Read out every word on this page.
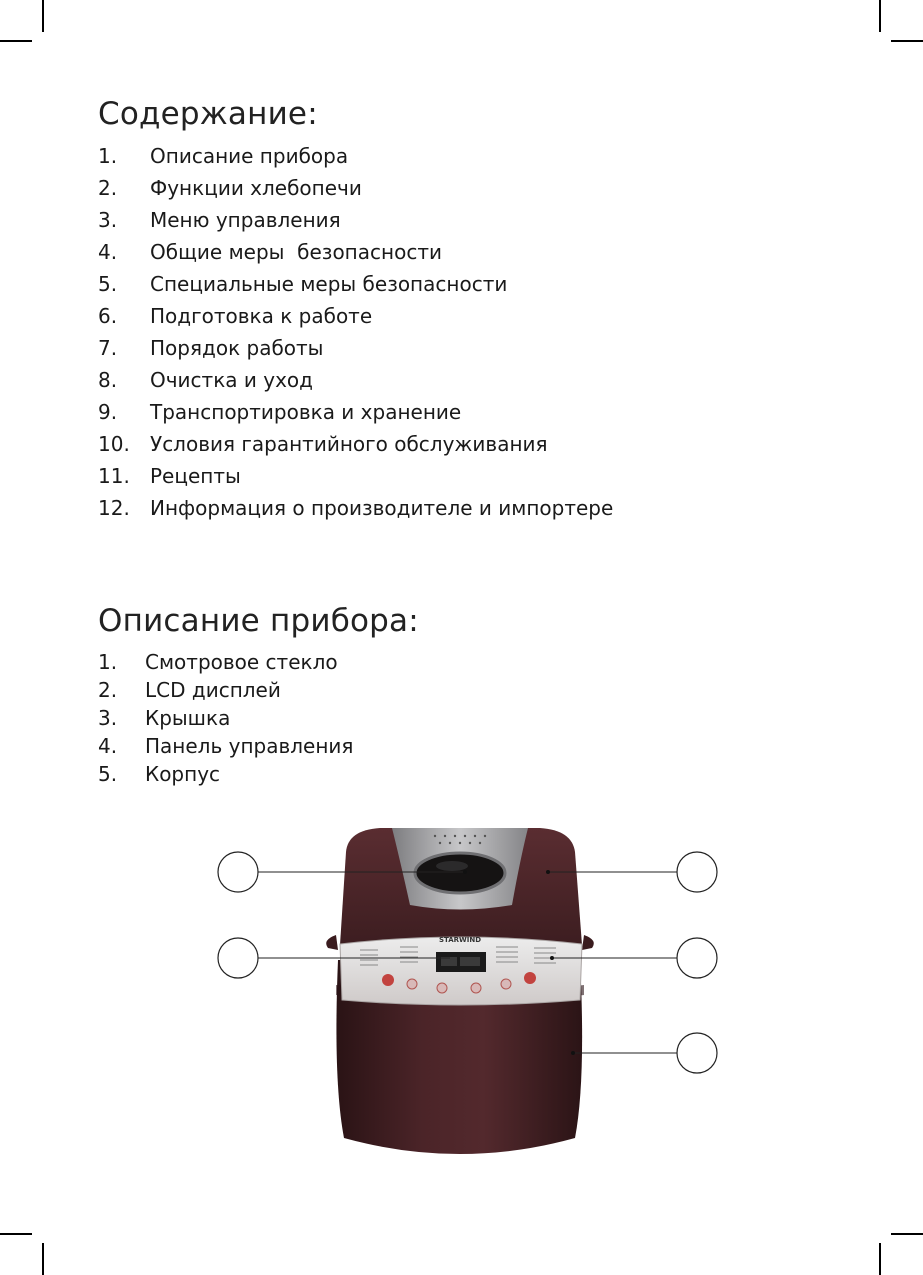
Содержание:
1. Описание прибора
2. Функции хлебопечи
3. Меню управления
4. Общие меры  безопасности
5. Специальные меры безопасности
6. Подготовка к работе
7. Порядок работы
8. Очистка и уход
9. Транспортировка и хранение
10. Условия гарантийного обслуживания
11. Рецепты
12. Информация о производителе и импортере
Описание прибора:
1. Смотровое стекло
2. LCD дисплей
3. Крышка
4. Панель управления
5. Корпус
STARWIND
